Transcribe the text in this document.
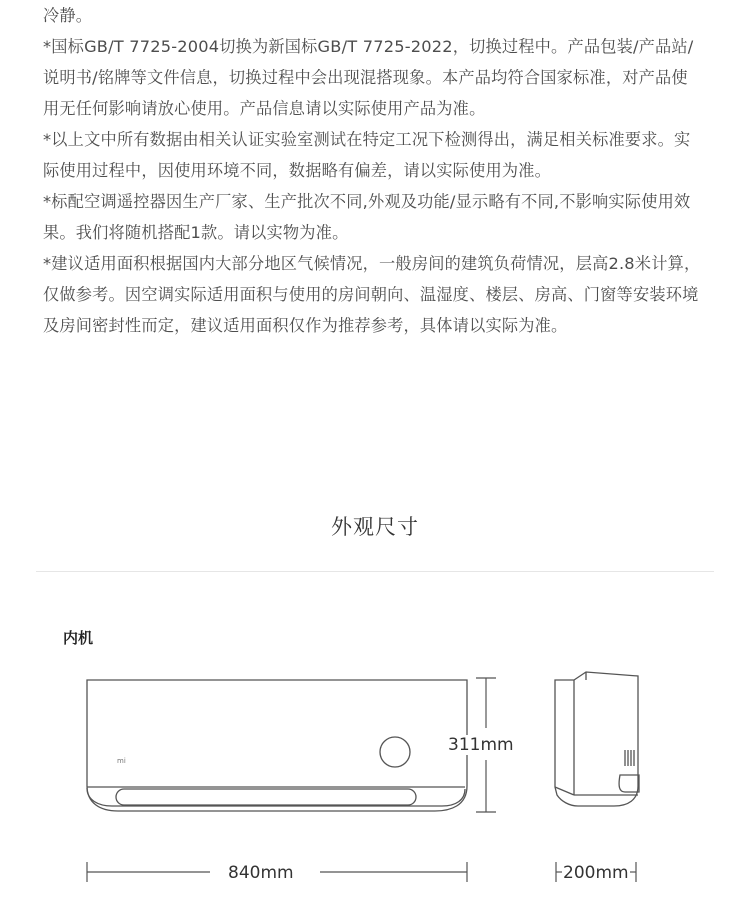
冷静。

*国标GB/T 7725-2004切换为新国标GB/T 7725-2022，切换过程中。产品包装/产品站/说明书/铭牌等文件信息，切换过程中会出现混搭现象。本产品均符合国家标准，对产品使用无任何影响请放心使用。产品信息请以实际使用产品为准。

*以上文中所有数据由相关认证实验室测试在特定工况下检测得出，满足相关标准要求。实际使用过程中，因使用环境不同，数据略有偏差，请以实际使用为准。

*标配空调遥控器因生产厂家、生产批次不同,外观及功能/显示略有不同,不影响实际使用效果。我们将随机搭配1款。请以实物为准。

*建议适用面积根据国内大部分地区气候情况，一般房间的建筑负荷情况，层高2.8米计算，仅做参考。因空调实际适用面积与使用的房间朝向、温湿度、楼层、房高、门窗等安装环境及房间密封性而定，建议适用面积仅作为推荐参考，具体请以实际为准。

外观尺寸
内机
mi
311mm
840mm	200mm
